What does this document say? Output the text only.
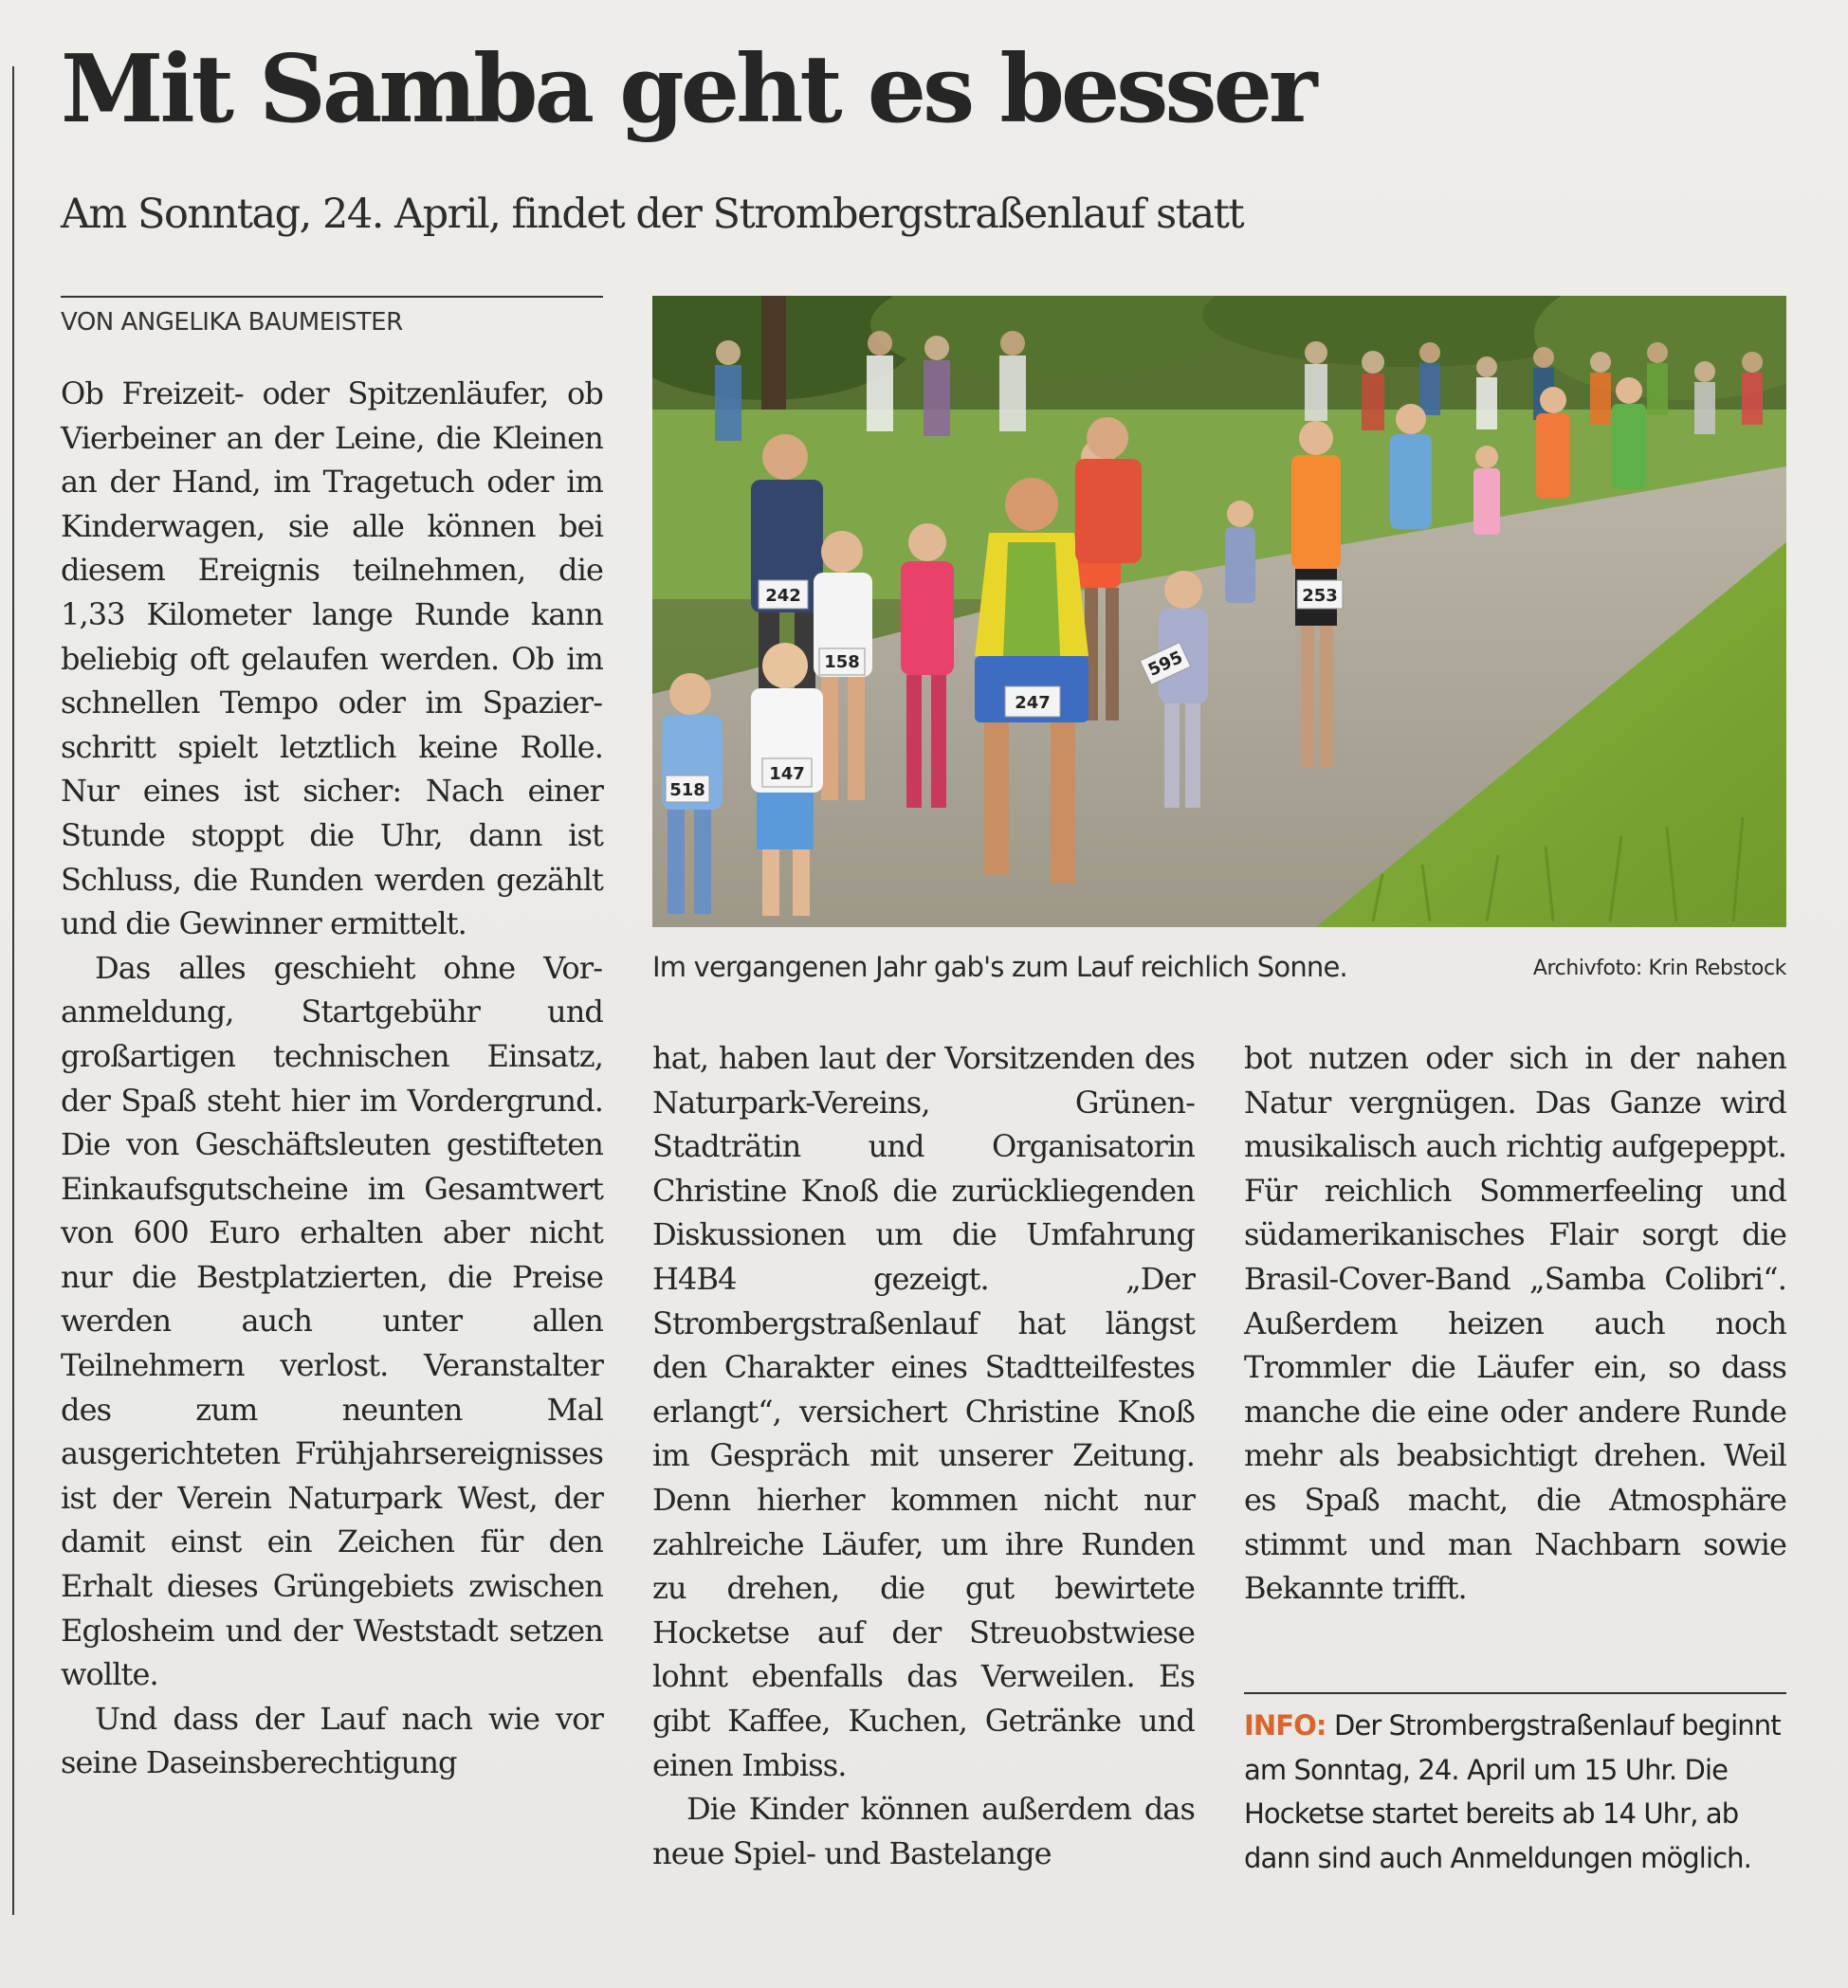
Mit Samba geht es besser
Am Sonntag, 24. April, findet der Strombergstraßenlauf statt
VON ANGELIKA BAUMEISTER

Ob Freizeit- oder Spitzenläufer, ob Vierbeiner an der Leine, die Kleinen an der Hand, im Tragetuch oder im Kinderwagen, sie alle können bei diesem Ereignis teilnehmen, die 1,33 Kilometer lange Runde kann beliebig oft gelaufen werden. Ob im schnellen Tempo oder im Spazierschritt spielt letztlich keine Rolle. Nur eines ist sicher: Nach einer Stunde stoppt die Uhr, dann ist Schluss, die Runden werden gezählt und die Gewinner ermittelt.

Das alles geschieht ohne Voranmeldung, Startgebühr und großartigen technischen Einsatz, der Spaß steht hier im Vordergrund. Die von Geschäftsleuten gestifteten Einkaufsgutscheine im Gesamtwert von 600 Euro erhalten aber nicht nur die Bestplatzierten, die Preise werden auch unter allen Teilnehmern verlost. Veranstalter des zum neunten Mal ausgerichteten Frühjahrsereignisses ist der Verein Naturpark West, der damit einst ein Zeichen für den Erhalt dieses Grüngebiets zwischen Eglosheim und der Weststadt setzen wollte.

Und dass der Lauf nach wie vor seine Daseinsberechtigung

242
158
247
595
253
518
147
Im vergangenen Jahr gab's zum Lauf reichlich Sonne.	Archivfoto: Krin Rebstock

hat, haben laut der Vorsitzenden des Naturpark-Vereins, Grünen-Stadträtin und Organisatorin Christine Knoß die zurückliegenden Diskussionen um die Umfahrung H4B4 gezeigt. „Der Strombergstraßenlauf hat längst den Charakter eines Stadtteilfestes erlangt“, versichert Christine Knoß im Gespräch mit unserer Zeitung. Denn hierher kommen nicht nur zahlreiche Läufer, um ihre Runden zu drehen, die gut bewirtete Hocketse auf der Streuobstwiese lohnt ebenfalls das Verweilen. Es gibt Kaffee, Kuchen, Getränke und einen Imbiss.

Die Kinder können außerdem das neue Spiel- und Bastelange

bot nutzen oder sich in der nahen Natur vergnügen. Das Ganze wird musikalisch auch richtig aufgepeppt. Für reichlich Sommerfeeling und südamerikanisches Flair sorgt die Brasil-Cover-Band „Samba Colibri“. Außerdem heizen auch noch Trommler die Läufer ein, so dass manche die eine oder andere Runde mehr als beabsichtigt drehen. Weil es Spaß macht, die Atmosphäre stimmt und man Nachbarn sowie Bekannte trifft.

INFO: Der Strombergstraßenlauf beginnt am Sonntag, 24. April um 15 Uhr. Die Hocketse startet bereits ab 14 Uhr, ab dann sind auch Anmeldungen möglich.
